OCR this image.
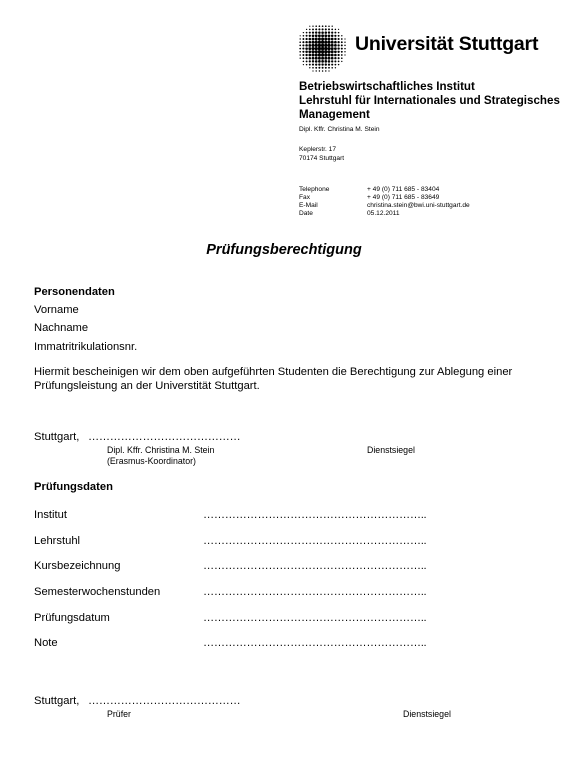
Universität Stuttgart
Betriebswirtschaftliches Institut
Lehrstuhl für Internationales und Strategisches
Management
Dipl. Kffr. Christina M. Stein
Keplerstr. 17
70174 Stuttgart
Telephone	+ 49 (0) 711 685 - 83404
Fax	+ 49 (0) 711 685 - 83649
E-Mail	christina.stein@bwi.uni-stuttgart.de
Date	05.12.2011
Prüfungsberechtigung
Personendaten
Vorname
Nachname
Immatritrikulationsnr.
Hiermit bescheinigen wir dem oben aufgeführten Studenten die Berechtigung zur Ablegung einer
Prüfungsleistung an der Universtität Stuttgart.
Stuttgart, ……………………………………
Dipl. Kffr. Christina M. Stein
(Erasmus-Koordinator)
Dienstsiegel
Prüfungsdaten
Institut	……………………………………………………..
Lehrstuhl	……………………………………………………..
Kursbezeichnung	……………………………………………………..
Semesterwochenstunden	……………………………………………………..
Prüfungsdatum	……………………………………………………..
Note	……………………………………………………..
Stuttgart, ……………………………………
Prüfer	Dienstsiegel
